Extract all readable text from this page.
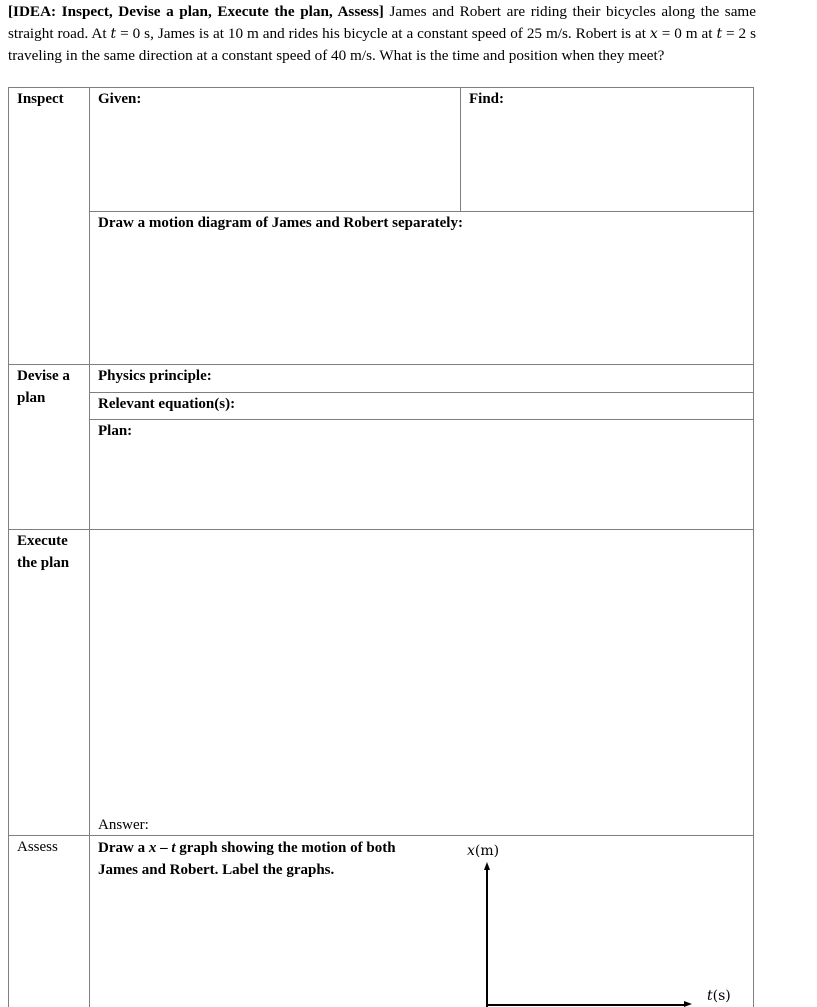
[IDEA: Inspect, Devise a plan, Execute the plan, Assess] James and Robert are riding their bicycles along the same straight road. At t = 0 s, James is at 10 m and rides his bicycle at a constant speed of 25 m/s. Robert is at x = 0 m at t = 2 s traveling in the same direction at a constant speed of 40 m/s. What is the time and position when they meet?
Inspect
Devise a
plan
Execute
the plan
Assess
Given:	Find:
Draw a motion diagram of James and Robert separately:
Physics principle:
Relevant equation(s):
Plan:
Answer:
Draw a x – t graph showing the motion of both
James and Robert. Label the graphs.
x(m)
t(s)
